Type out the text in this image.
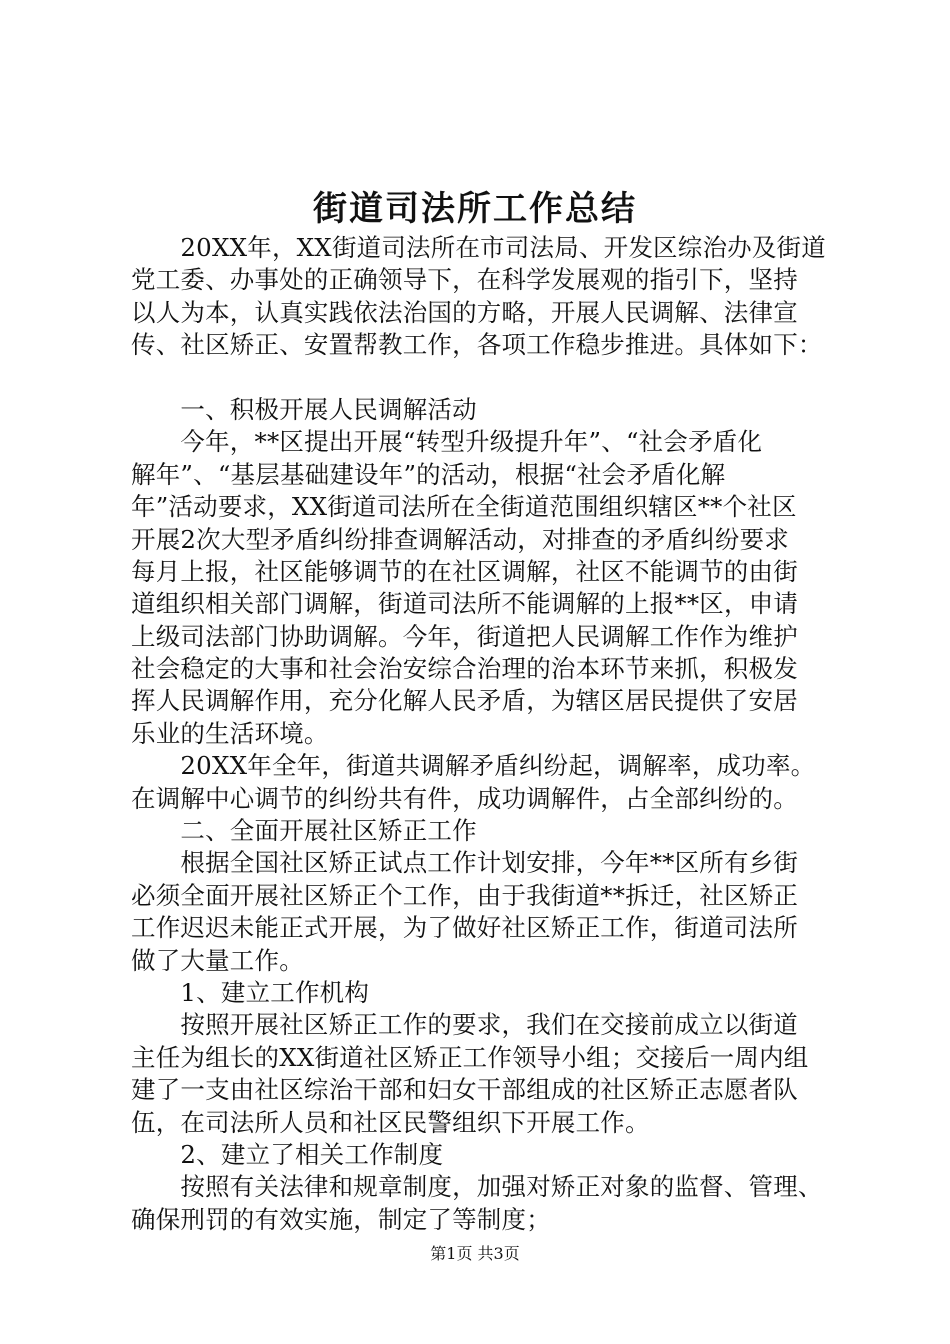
街道司法所工作总结
　　20XX年，XX街道司法所在市司法局、开发区综治办及街道
党工委、办事处的正确领导下，在科学发展观的指引下，坚持
以人为本，认真实践依法治国的方略，开展人民调解、法律宣
传、社区矫正、安置帮教工作，各项工作稳步推进。具体如下：
　　一、积极开展人民调解活动
　　今年，**区提出开展“转型升级提升年”、“社会矛盾化
解年”、“基层基础建设年”的活动，根据“社会矛盾化解
年”活动要求，XX街道司法所在全街道范围组织辖区**个社区
开展2次大型矛盾纠纷排查调解活动，对排查的矛盾纠纷要求
每月上报，社区能够调节的在社区调解，社区不能调节的由街
道组织相关部门调解，街道司法所不能调解的上报**区，申请
上级司法部门协助调解。今年，街道把人民调解工作作为维护
社会稳定的大事和社会治安综合治理的治本环节来抓，积极发
挥人民调解作用，充分化解人民矛盾，为辖区居民提供了安居
乐业的生活环境。
　　20XX年全年，街道共调解矛盾纠纷起，调解率，成功率。
在调解中心调节的纠纷共有件，成功调解件，占全部纠纷的。
　　二、全面开展社区矫正工作
　　根据全国社区矫正试点工作计划安排，今年**区所有乡街
必须全面开展社区矫正个工作，由于我街道**拆迁，社区矫正
工作迟迟未能正式开展，为了做好社区矫正工作，街道司法所
做了大量工作。
　　1、建立工作机构
　　按照开展社区矫正工作的要求，我们在交接前成立以街道
主任为组长的XX街道社区矫正工作领导小组；交接后一周内组
建了一支由社区综治干部和妇女干部组成的社区矫正志愿者队
伍，在司法所人员和社区民警组织下开展工作。
　　2、建立了相关工作制度
　　按照有关法律和规章制度，加强对矫正对象的监督、管理、
确保刑罚的有效实施，制定了等制度；
第1页 共3页
